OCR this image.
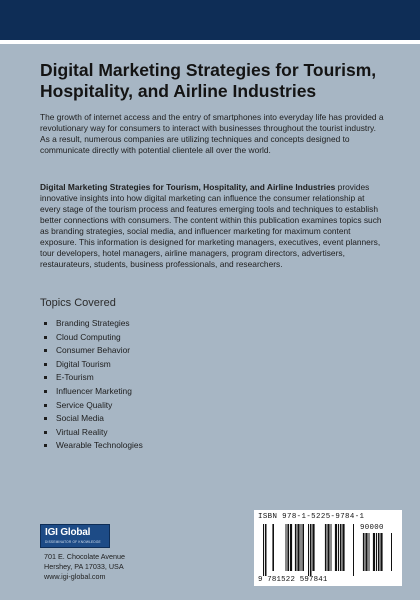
Digital Marketing Strategies for Tourism,
Hospitality, and Airline Industries

The growth of internet access and the entry of smartphones into everyday life has provided a revolutionary way for consumers to interact with businesses throughout the tourist industry. As a result, numerous companies are utilizing techniques and concepts designed to communicate directly with potential clientele all over the world.

Digital Marketing Strategies for Tourism, Hospitality, and Airline Industries provides innovative insights into how digital marketing can influence the consumer relationship at every stage of the tourism process and features emerging tools and techniques to establish better connections with consumers. The content within this publication examines topics such as branding strategies, social media, and influencer marketing for maximum content exposure. This information is designed for marketing managers, executives, event planners, tour developers, hotel managers, airline managers, program directors, advertisers, restaurateurs, students, business professionals, and researchers.

Topics Covered
Branding Strategies
Cloud Computing
Consumer Behavior
Digital Tourism
E-Tourism
Influencer Marketing
Service Quality
Social Media
Virtual Reality
Wearable Technologies
IGI Global
DISSEMINATOR OF KNOWLEDGE
701 E. Chocolate Avenue
Hershey, PA 17033, USA
www.igi-global.com
ISBN 978-1-5225-9784-1
90000
9 781522 597841
